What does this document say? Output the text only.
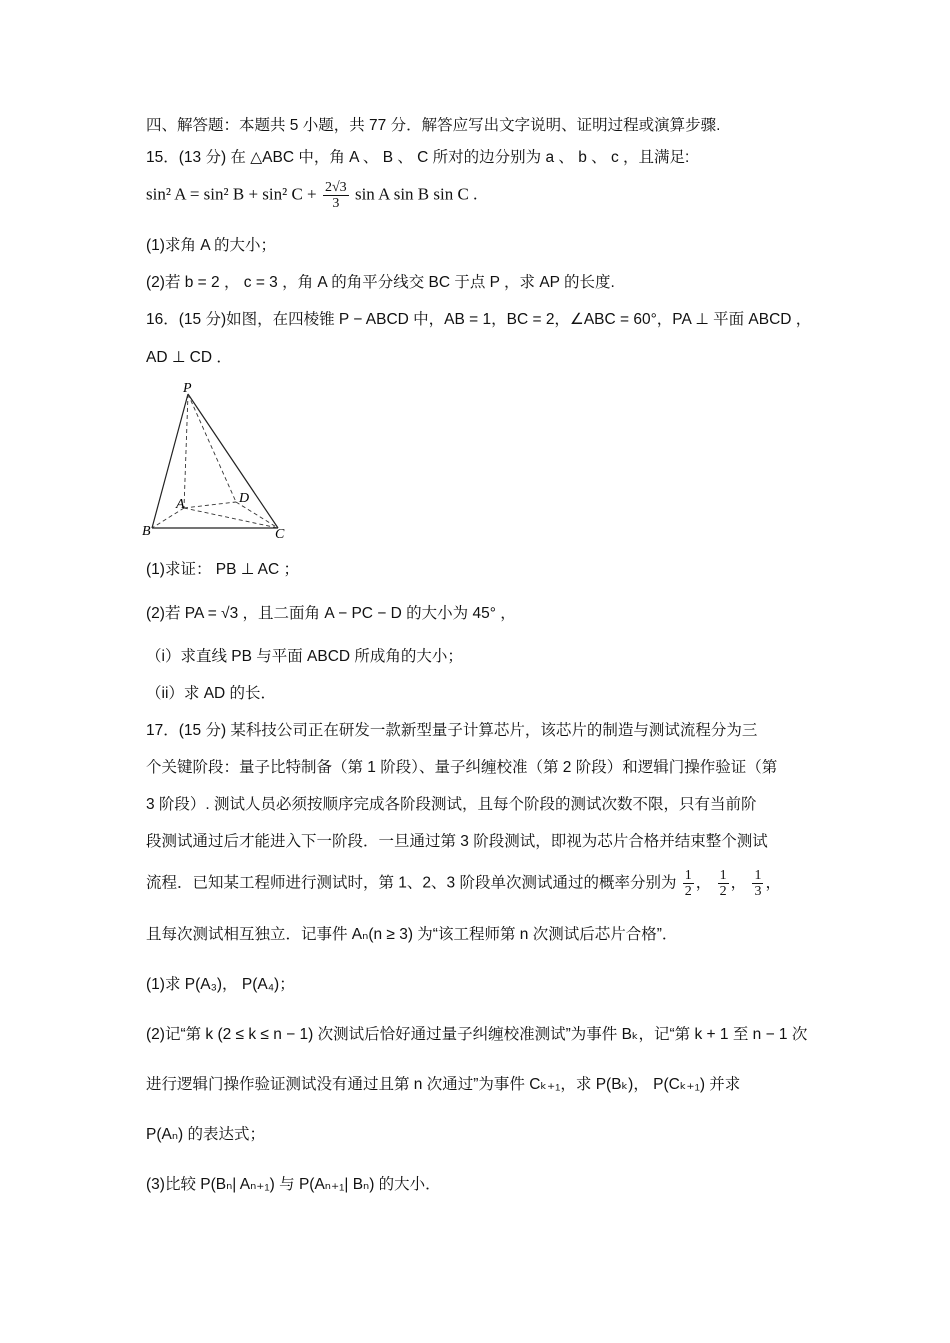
四、解答题：本题共 5 小题，共 77 分．解答应写出文字说明、证明过程或演算步骤.
15．(13 分) 在 △ABC 中，角 A 、 B 、 C 所对的边分别为 a 、 b 、 c ，且满足:
sin² A = sin² B + sin² $C + \frac{2√3}{3}$ sin A sin B sin C .
(1)求角 A 的大小；
(2)若 b = 2 ， c = 3 ，角 A 的角平分线交 BC 于点 P ，求 AP 的长度.
16．(15 分)如图，在四棱锥 P − ABCD 中，AB = 1，BC = 2，∠ABC = 60°，PA ⊥ 平面 ABCD ，
AD ⊥ CD ．
P
A	D
B	C
(1)求证： PB ⊥ AC ；
(2)若 PA = √3 ，且二面角 A − PC − D 的大小为 45° ，
（i）求直线 PB 与平面 ABCD 所成角的大小；
（ii）求 AD 的长．
17．(15 分) 某科技公司正在研发一款新型量子计算芯片，该芯片的制造与测试流程分为三
个关键阶段：量子比特制备（第 1 阶段）、量子纠缠校准（第 2 阶段）和逻辑门操作验证（第
3 阶段）. 测试人员必须按顺序完成各阶段测试，且每个阶段的测试次数不限，只有当前阶
段测试通过后才能进入下一阶段．一旦通过第 3 阶段测试，即视为芯片合格并结束整个测试
流程．已知某工程师进行测试时，第 1、2、3 阶段单次测试通过的概率分别为 $\frac{1}{2}$ ， $\frac{1}{2}$ ， $\frac{1}{3}$ ，
且每次测试相互独立．记事件 Aₙ(n ≥ 3) 为“该工程师第 n 次测试后芯片合格”．
(1)求 P(A₃)， P(A₄)；
(2)记“第 k (2 ≤ k ≤ n − 1) 次测试后恰好通过量子纠缠校准测试”为事件 Bₖ，记“第 k + 1 至 n − 1 次
进行逻辑门操作验证测试没有通过且第 n 次通过”为事件 Cₖ₊₁，求 P(Bₖ)， P(Cₖ₊₁) 并求
P(Aₙ) 的表达式；
(3)比较 P(Bₙ| Aₙ₊₁) 与 P(Aₙ₊₁| Bₙ) 的大小．
